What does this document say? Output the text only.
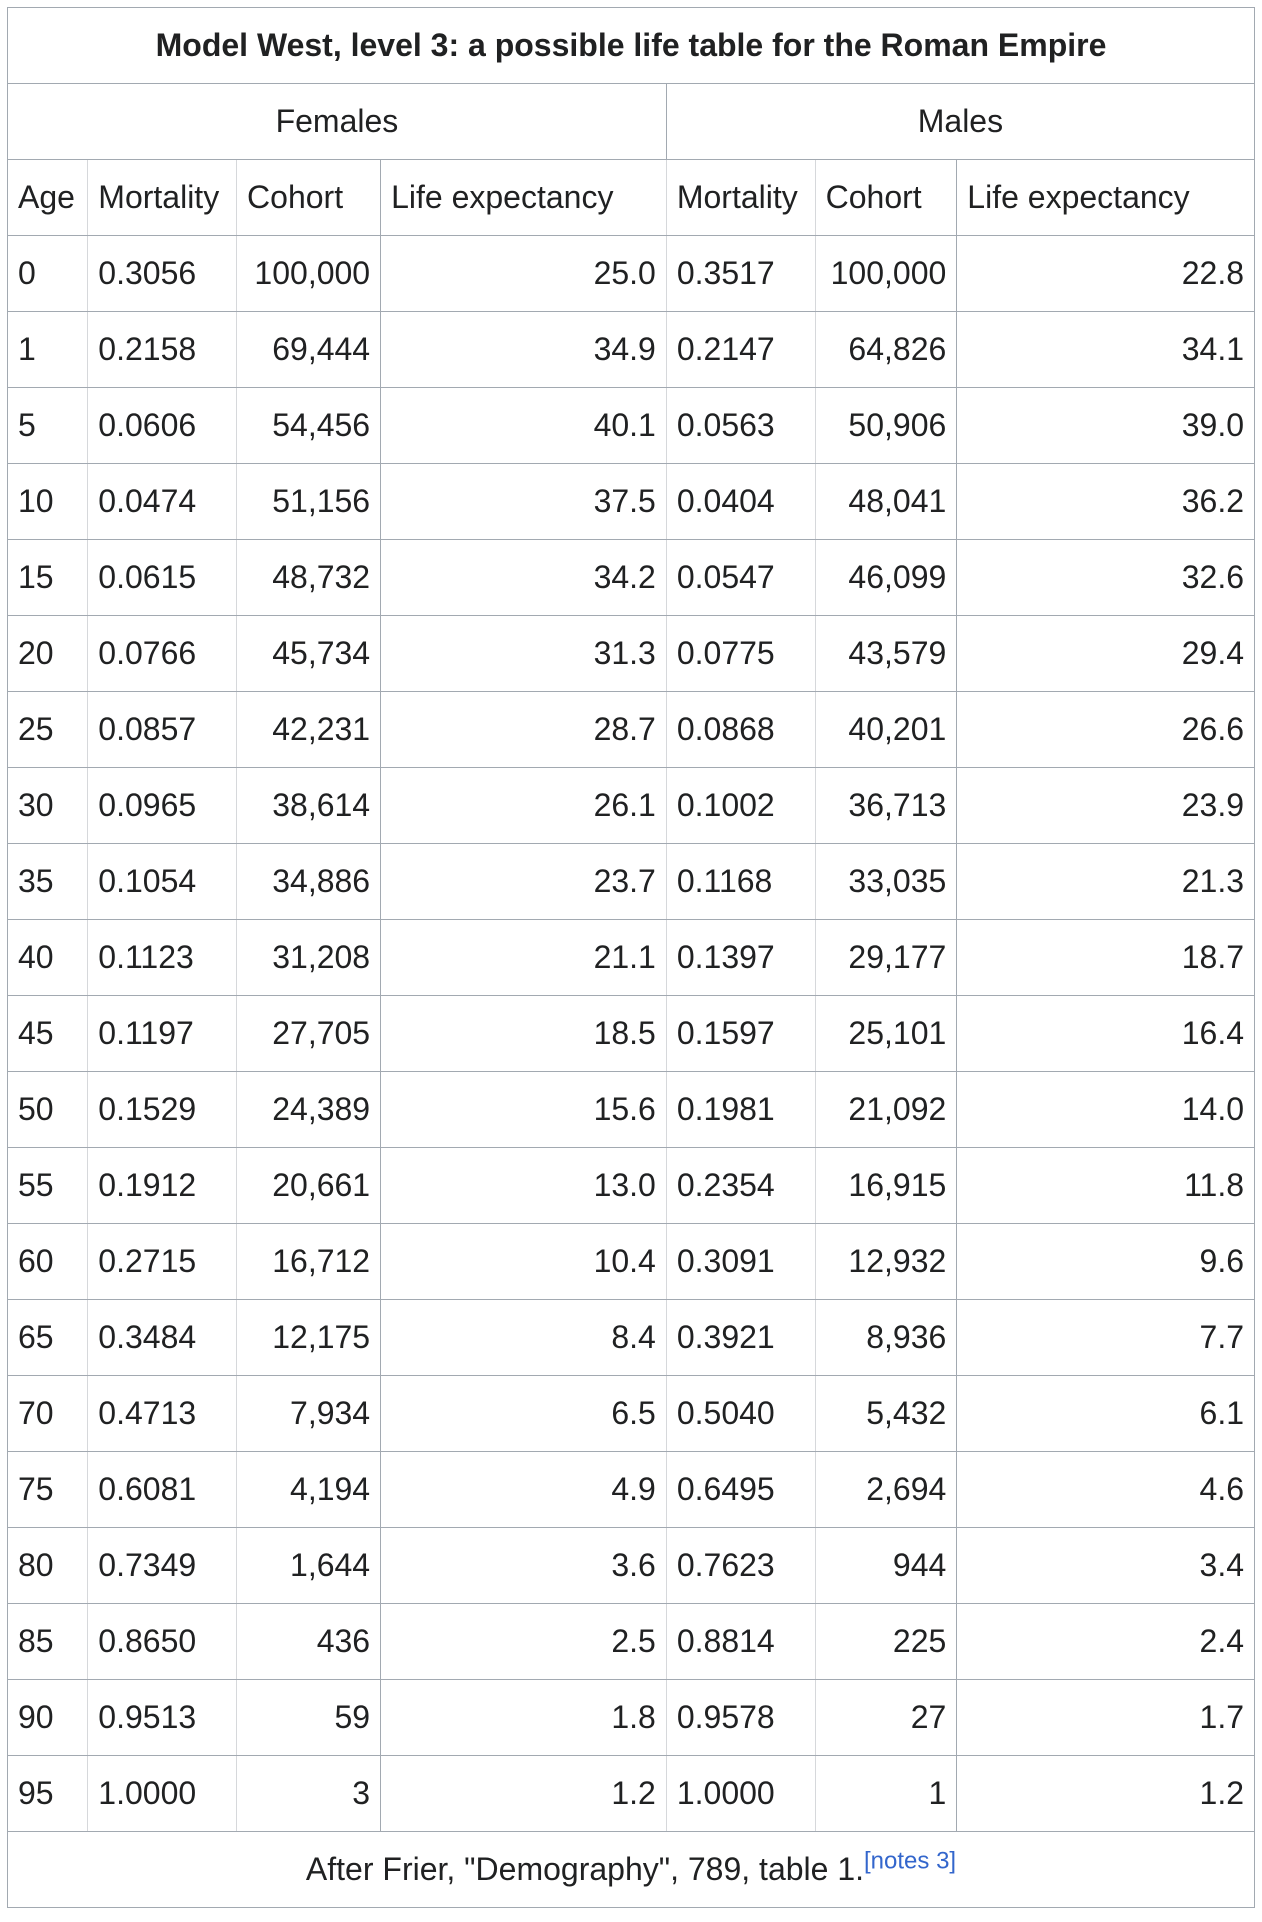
Model West, level 3: a possible life table for the Roman Empire						
Females				Males		
Age	Mortality	Cohort	Life expectancy	Mortality	Cohort	Life expectancy
0	0.3056	100,000	25.0	0.3517	100,000	22.8
1	0.2158	69,444	34.9	0.2147	64,826	34.1
5	0.0606	54,456	40.1	0.0563	50,906	39.0
10	0.0474	51,156	37.5	0.0404	48,041	36.2
15	0.0615	48,732	34.2	0.0547	46,099	32.6
20	0.0766	45,734	31.3	0.0775	43,579	29.4
25	0.0857	42,231	28.7	0.0868	40,201	26.6
30	0.0965	38,614	26.1	0.1002	36,713	23.9
35	0.1054	34,886	23.7	0.1168	33,035	21.3
40	0.1123	31,208	21.1	0.1397	29,177	18.7
45	0.1197	27,705	18.5	0.1597	25,101	16.4
50	0.1529	24,389	15.6	0.1981	21,092	14.0
55	0.1912	20,661	13.0	0.2354	16,915	11.8
60	0.2715	16,712	10.4	0.3091	12,932	9.6
65	0.3484	12,175	8.4	0.3921	8,936	7.7
70	0.4713	7,934	6.5	0.5040	5,432	6.1
75	0.6081	4,194	4.9	0.6495	2,694	4.6
80	0.7349	1,644	3.6	0.7623	944	3.4
85	0.8650	436	2.5	0.8814	225	2.4
90	0.9513	59	1.8	0.9578	27	1.7
95	1.0000	3	1.2	1.0000	1	1.2
After Frier, "Demography", 789, table 1.[notes 3]
